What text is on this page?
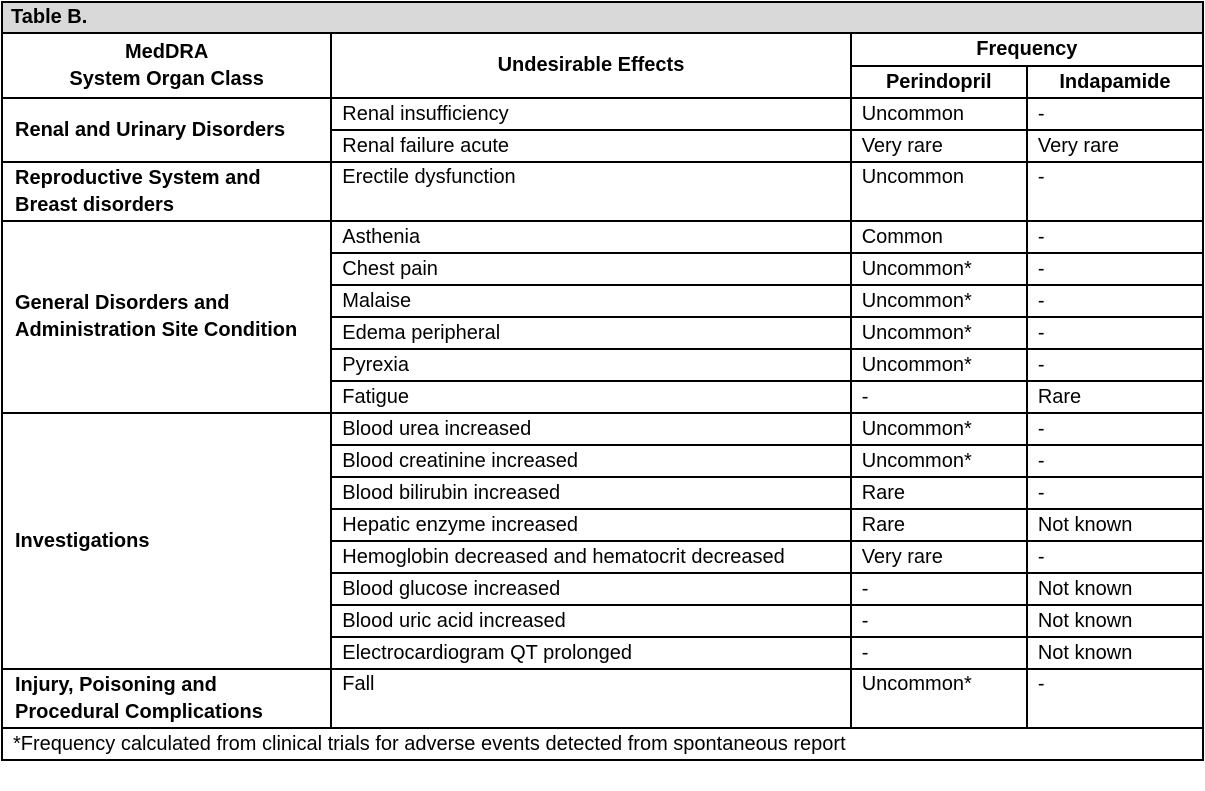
Table B.			

MedDRA
System Organ Class	Undesirable Effects	Frequency	
		Perindopril	Indapamide
Renal and Urinary Disorders	Renal insufficiency	Uncommon	-
	Renal failure acute	Very rare	Very rare
Reproductive System and Breast disorders	Erectile dysfunction	Uncommon	-
General Disorders and Administration Site Condition	Asthenia	Common	-
	Chest pain	Uncommon*	-
	Malaise	Uncommon*	-
	Edema peripheral	Uncommon*	-
	Pyrexia	Uncommon*	-
	Fatigue	-	Rare
Investigations	Blood urea increased	Uncommon*	-
	Blood creatinine increased	Uncommon*	-
	Blood bilirubin increased	Rare	-
	Hepatic enzyme increased	Rare	Not known
	Hemoglobin decreased and hematocrit decreased	Very rare	-
	Blood glucose increased	-	Not known
	Blood uric acid increased	-	Not known
	Electrocardiogram QT prolonged	-	Not known
Injury, Poisoning and Procedural Complications	Fall	Uncommon*	-
*Frequency calculated from clinical trials for adverse events detected from spontaneous report			
